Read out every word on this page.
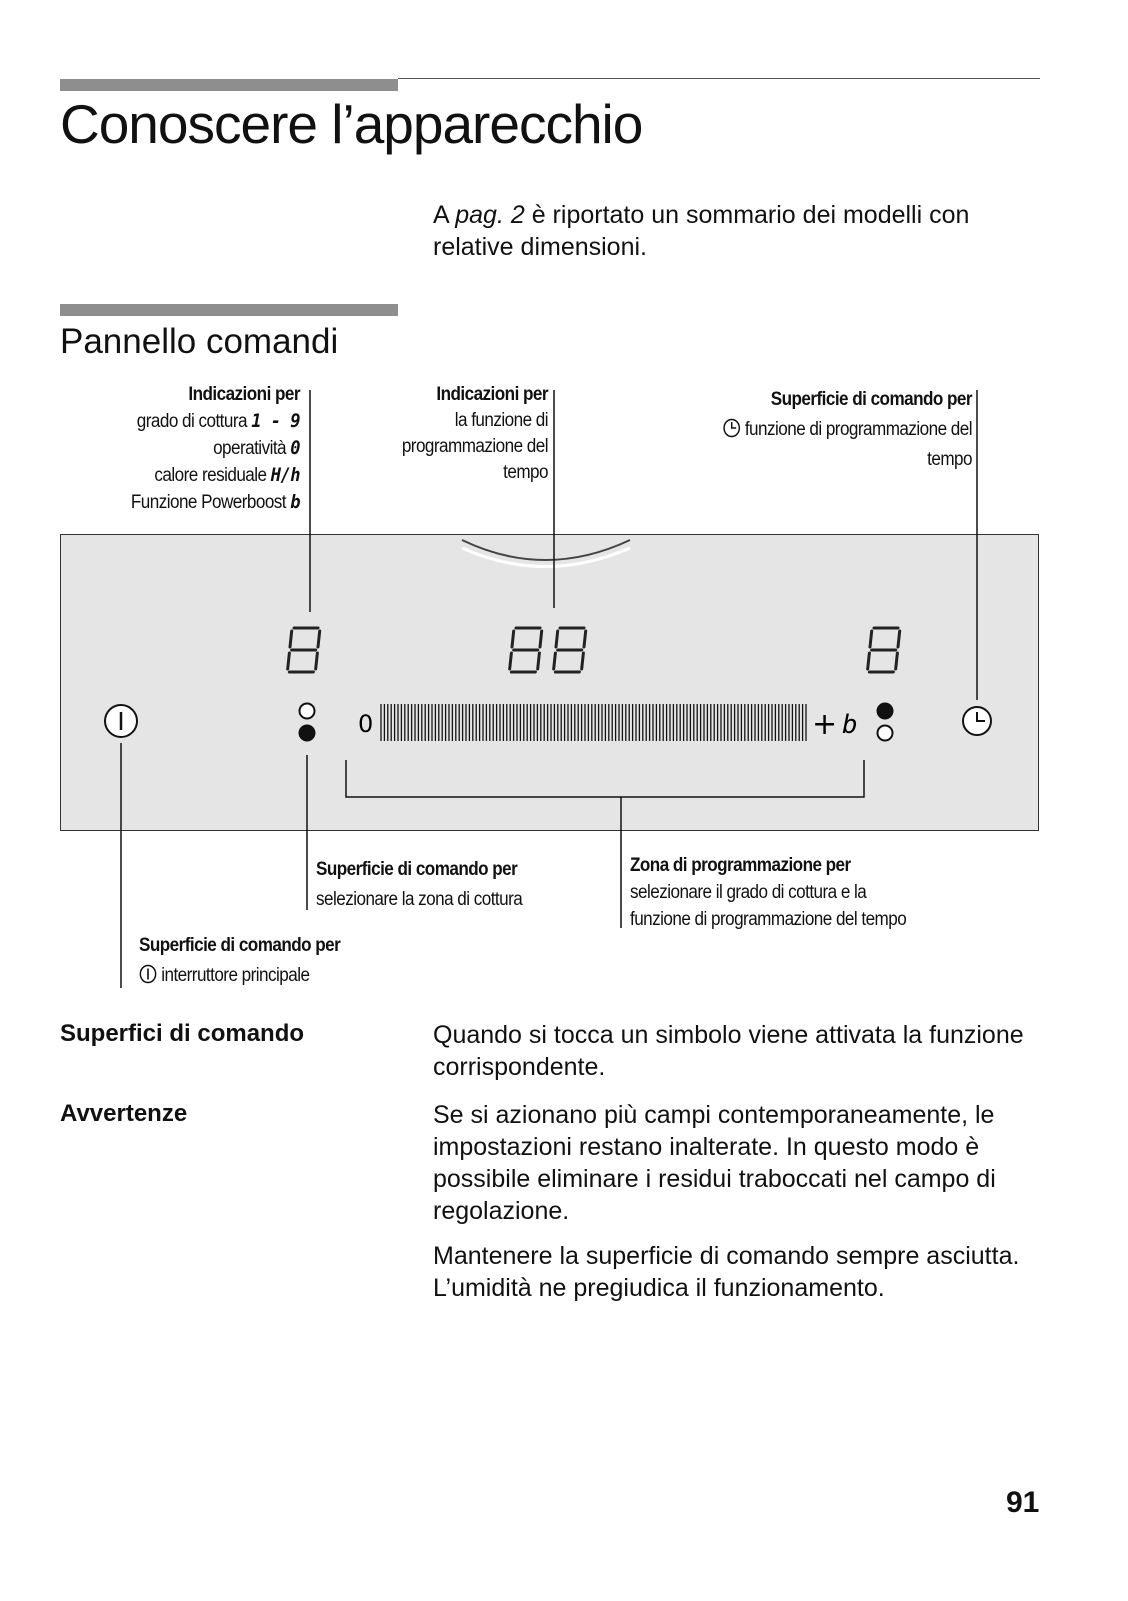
Conoscere l’apparecchio
A pag. 2 è riportato un sommario dei modelli con
relative dimensioni.
Pannello comandi
Indicazioni per
grado di cottura 1 - 9
operatività 0
calore residuale H/h
Funzione Powerboost b
Indicazioni per
la funzione di
programmazione del
tempo
Superficie di comando per
funzione di programmazione del
tempo
0	+ b
Superficie di comando per
selezionare la zona di cottura
Zona di programmazione per
selezionare il grado di cottura e la
funzione di programmazione del tempo
Superficie di comando per
interruttore principale
Superfici di comando	Quando si tocca un simbolo viene attivata la funzione
corrispondente.
Avvertenze	Se si azionano più campi contemporaneamente, le
impostazioni restano inalterate. In questo modo è
possibile eliminare i residui traboccati nel campo di
regolazione.
Mantenere la superficie di comando sempre asciutta.
L’umidità ne pregiudica il funzionamento.
91
